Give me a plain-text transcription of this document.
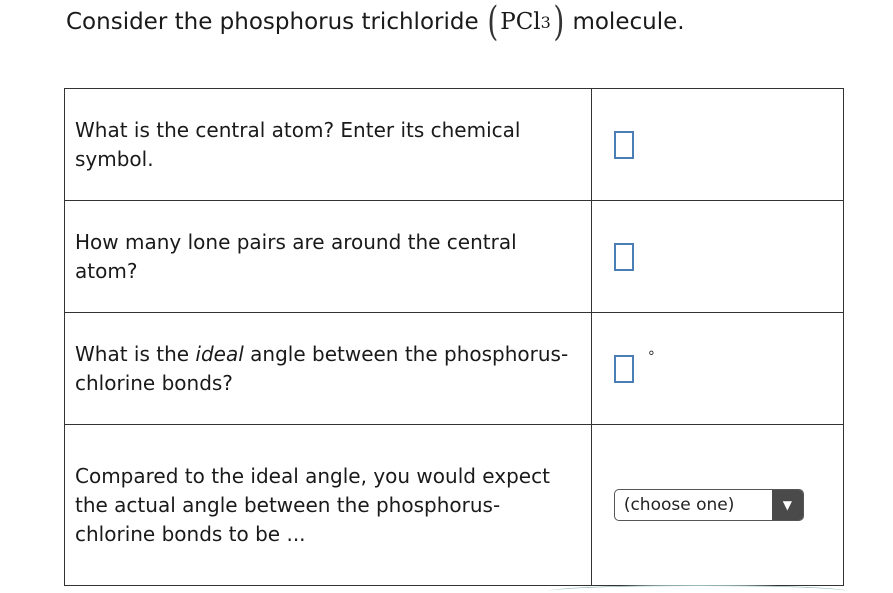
Consider the phosphorus trichloride ( PCl 3 ) molecule.
What is the central atom? Enter its chemical symbol.	
How many lone pairs are around the central atom?	
What is the ideal angle between the phosphorus-chlorine bonds?	°
Compared to the ideal angle, you would expect the actual angle between the phosphorus-chlorine bonds to be ...	(choose one) ▼
